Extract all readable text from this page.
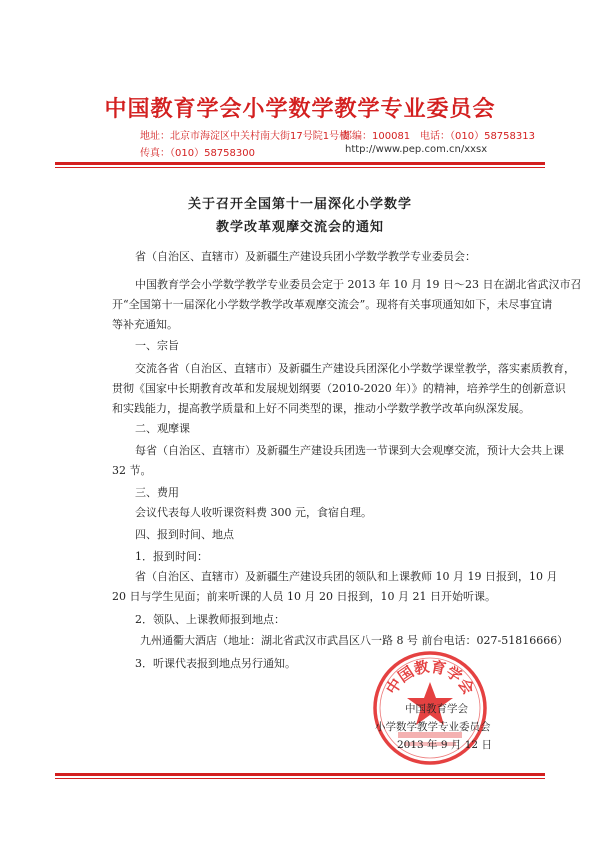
中国教育学会小学数学教学专业委员会
地址：北京市海淀区中关村南大街17号院1号楼
邮编：100081 电话：（010）58758313
传真：（010）58758300	http://www.pep.com.cn/xxsx
关于召开全国第十一届深化小学数学
教学改革观摩交流会的通知
省（自治区、直辖市）及新疆生产建设兵团小学数学教学专业委员会：
中国教育学会小学数学教学专业委员会定于 2013 年 10 月 19 日～23 日在湖北省武汉市召
开“全国第十一届深化小学数学教学改革观摩交流会”。现将有关事项通知如下，未尽事宜请
等补充通知。
一、宗旨
交流各省（自治区、直辖市）及新疆生产建设兵团深化小学数学课堂教学，落实素质教育，
贯彻《国家中长期教育改革和发展规划纲要（2010-2020 年）》的精神，培养学生的创新意识
和实践能力，提高教学质量和上好不同类型的课，推动小学数学教学改革向纵深发展。
二、观摩课
每省（自治区、直辖市）及新疆生产建设兵团选一节课到大会观摩交流，预计大会共上课
32 节。
三、费用
会议代表每人收听课资料费 300 元，食宿自理。
四、报到时间、地点
1．报到时间：
省（自治区、直辖市）及新疆生产建设兵团的领队和上课教师 10 月 19 日报到，10 月
20 日与学生见面；前来听课的人员 10 月 20 日报到，10 月 21 日开始听课。
2．领队、上课教师报到地点：
九州通衢大酒店（地址：湖北省武汉市武昌区八一路 8 号 前台电话：027-51816666）
3．听课代表报到地点另行通知。
中国教育学会
中国教育学会
小学数学教学专业委员会
2013 年 9 月 12 日
